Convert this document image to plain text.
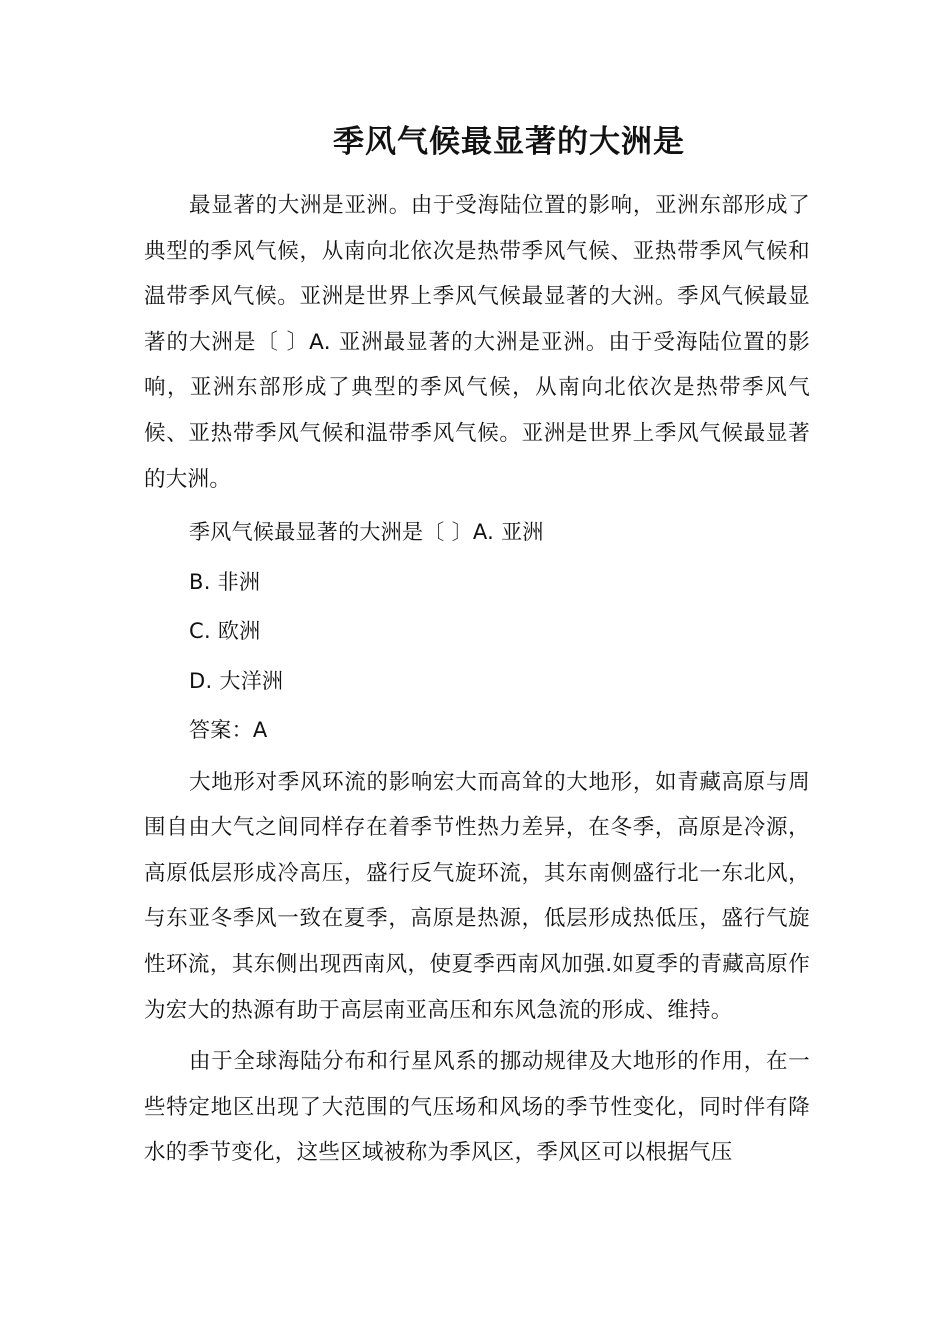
季风气候最显著的大洲是

最显著的大洲是亚洲。由于受海陆位置的影响，亚洲东部形成了典型的季风气候，从南向北依次是热带季风气候、亚热带季风气候和温带季风气候。亚洲是世界上季风气候最显著的大洲。季风气候最显著的大洲是〔 〕A. 亚洲最显著的大洲是亚洲。由于受海陆位置的影响，亚洲东部形成了典型的季风气候，从南向北依次是热带季风气候、亚热带季风气候和温带季风气候。亚洲是世界上季风气候最显著的大洲。

季风气候最显著的大洲是〔 〕A. 亚洲

B. 非洲

C. 欧洲

D. 大洋洲

答案：A

大地形对季风环流的影响宏大而高耸的大地形，如青藏高原与周围自由大气之间同样存在着季节性热力差异，在冬季，高原是冷源，高原低层形成冷高压，盛行反气旋环流，其东南侧盛行北一东北风，与东亚冬季风一致在夏季，高原是热源，低层形成热低压，盛行气旋性环流，其东侧出现西南风，使夏季西南风加强.如夏季的青藏高原作为宏大的热源有助于高层南亚高压和东风急流的形成、维持。

由于全球海陆分布和行星风系的挪动规律及大地形的作用，在一些特定地区出现了大范围的气压场和风场的季节性变化，同时伴有降水的季节变化，这些区域被称为季风区，季风区可以根据气压
